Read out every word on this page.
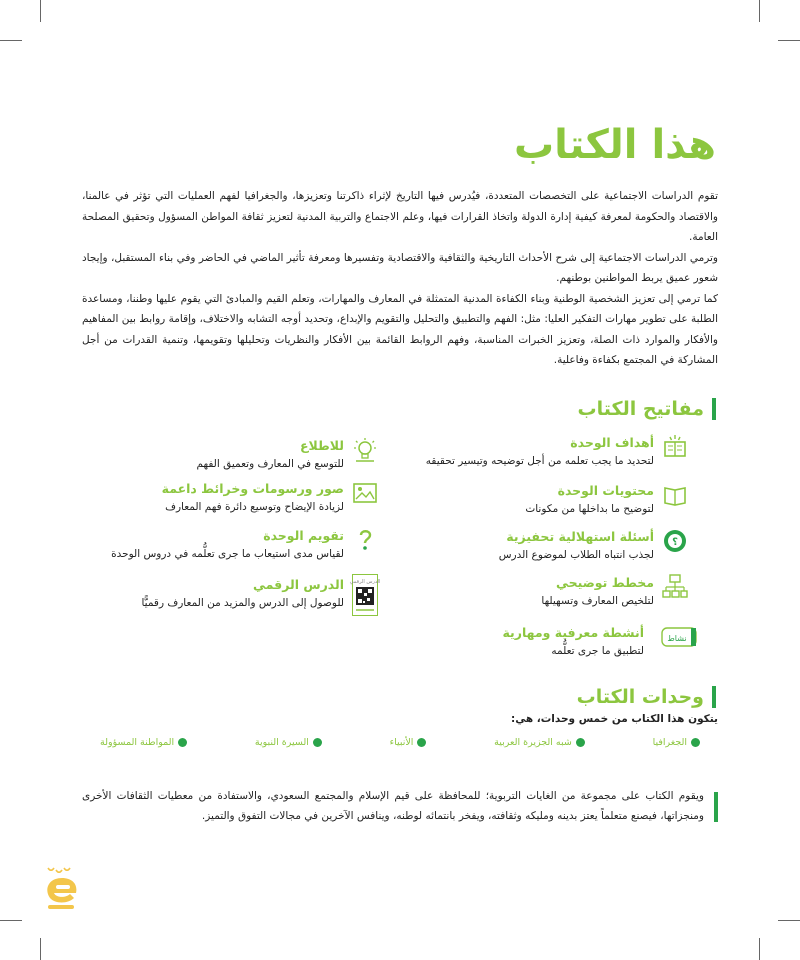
هذا الكتاب

تقوم الدراسات الاجتماعية على التخصصات المتعددة، فيُدرس فيها التاريخ لإثراء ذاكرتنا وتعزيزها، والجغرافيا لفهم العمليات التي تؤثر في عالمنا، والاقتصاد والحكومة لمعرفة كيفية إدارة الدولة واتخاذ القرارات فيها، وعلم الاجتماع والتربية المدنية لتعزيز ثقافة المواطن المسؤول وتحقيق المصلحة العامة.

وترمي الدراسات الاجتماعية إلى شرح الأحداث التاريخية والثقافية والاقتصادية وتفسيرها ومعرفة تأثير الماضي في الحاضر وفي بناء المستقبل، وإيجاد شعور عميق يربط المواطنين بوطنهم.

كما ترمي إلى تعزيز الشخصية الوطنية وبناء الكفاءة المدنية المتمثلة في المعارف والمهارات، وتعلم القيم والمبادئ التي يقوم عليها وطننا، ومساعدة الطلبة على تطوير مهارات التفكير العليا: مثل: الفهم والتطبيق والتحليل والتقويم والإبداع، وتحديد أوجه التشابه والاختلاف، وإقامة روابط بين المفاهيم والأفكار والموارد ذات الصلة، وتعزيز الخبرات المناسبة، وفهم الروابط القائمة بين الأفكار والنظريات وتحليلها وتقويمها، وتنمية القدرات من أجل المشاركة في المجتمع بكفاءة وفاعلية.

مفاتيح الكتاب
أهداف الوحدة
لتحديد ما يجب تعلمه من أجل توضيحه وتيسير تحقيقه
محتويات الوحدة
لتوضيح ما بداخلها من مكونات
؟
أسئلة استهلالية تحفيزية
لجذب انتباه الطلاب لموضوع الدرس
مخطط توضيحي
لتلخيص المعارف وتسهيلها
نشاط
أنشطة معرفية ومهارية
لتطبيق ما جرى تعلُّمه
للاطلاع
للتوسع في المعارف وتعميق الفهم
صور ورسومات وخرائط داعمة
لزيادة الإيضاح وتوسيع دائرة فهم المعارف
تقويم الوحدة
لقياس مدى استيعاب ما جرى تعلُّمه في دروس الوحدة
الدرس الرقمي
الدرس الرقمي
للوصول إلى الدرس والمزيد من المعارف رقميًّا
وحدات الكتاب
يتكون هذا الكتاب من خمس وحدات، هي:
الجغرافيا
شبه الجزيرة العربية
الأنبياء
السيرة النبوية
المواطنة المسؤولة

ويقوم الكتاب على مجموعة من الغايات التربوية؛ للمحافظة على قيم الإسلام والمجتمع السعودي، والاستفادة من معطيات الثقافات الأخرى ومنجزاتها، فيصنع متعلماً يعتز بدينه ومليكه وثقافته، ويفخر بانتمائه لوطنه، وينافس الآخرين في مجالات التفوق والتميز.
